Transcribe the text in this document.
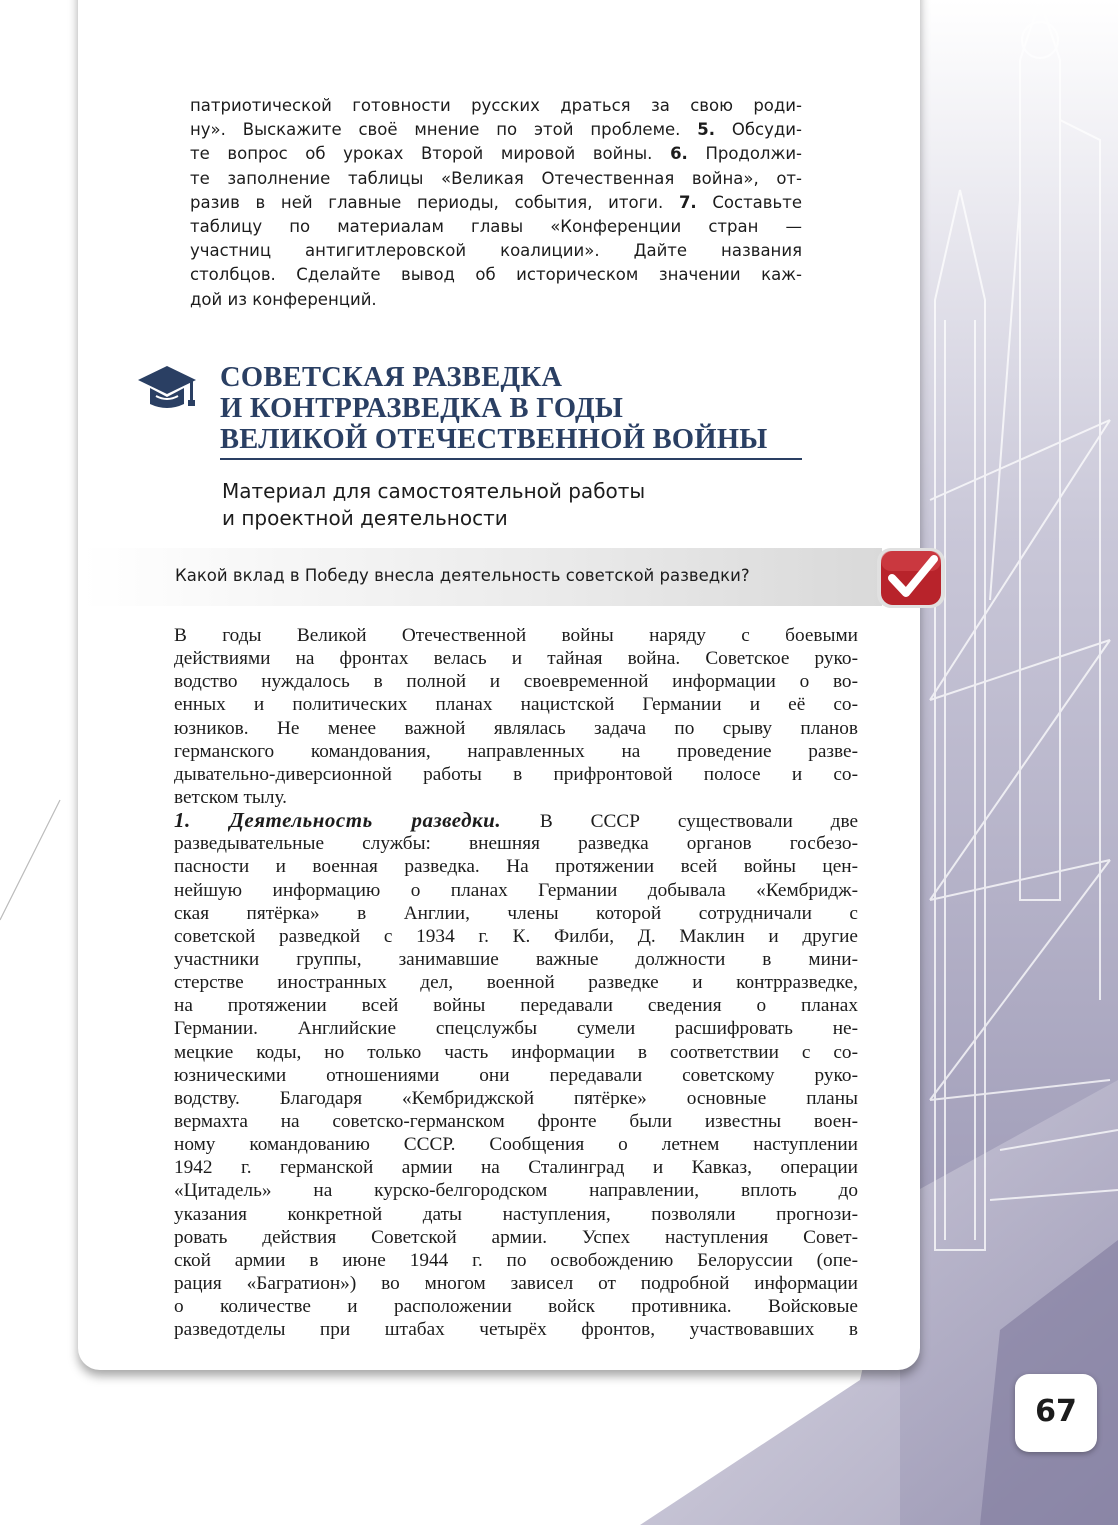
патриотической готовности русских драться за свою роди-
ну». Выскажите своё мнение по этой проблеме. 5. Обсуди-
те вопрос об уроках Второй мировой войны. 6. Продолжи-
те заполнение таблицы «Великая Отечественная война», от-
разив в ней главные периоды, события, итоги. 7. Составьте
таблицу по материалам главы «Конференции стран —
участниц антигитлеровской коалиции». Дайте названия
столбцов. Сделайте вывод об историческом значении каж-
дой из конференций.
СОВЕТСКАЯ РАЗВЕДКА
И КОНТРРАЗВЕДКА В ГОДЫ
ВЕЛИКОЙ ОТЕЧЕСТВЕННОЙ ВОЙНЫ
Материал для самостоятельной работы
и проектной деятельности
Какой вклад в Победу внесла деятельность советской разведки?
В годы Великой Отечественной войны наряду с боевыми
действиями на фронтах велась и тайная война. Советское руко-
водство нуждалось в полной и своевременной информации о во-
енных и политических планах нацистской Германии и её со-
юзников. Не менее важной являлась задача по срыву планов
германского командования, направленных на проведение разве-
дывательно-диверсионной работы в прифронтовой полосе и со-
ветском тылу.
1. Деятельность разведки. В СССР существовали две
разведывательные службы: внешняя разведка органов госбезо-
пасности и военная разведка. На протяжении всей войны цен-
нейшую информацию о планах Германии добывала «Кембридж-
ская пятёрка» в Англии, члены которой сотрудничали с
советской разведкой с 1934 г. К. Филби, Д. Маклин и другие
участники группы, занимавшие важные должности в мини-
стерстве иностранных дел, военной разведке и контрразведке,
на протяжении всей войны передавали сведения о планах
Германии. Английские спецслужбы сумели расшифровать не-
мецкие коды, но только часть информации в соответствии с со-
юзническими отношениями они передавали советскому руко-
водству. Благодаря «Кембриджской пятёрке» основные планы
вермахта на советско-германском фронте были известны воен-
ному командованию СССР. Сообщения о летнем наступлении
1942 г. германской армии на Сталинград и Кавказ, операции
«Цитадель» на курско-белгородском направлении, вплоть до
указания конкретной даты наступления, позволяли прогнози-
ровать действия Советской армии. Успех наступления Совет-
ской армии в июне 1944 г. по освобождению Белоруссии (опе-
рация «Багратион») во многом зависел от подробной информации
о количестве и расположении войск противника. Войсковые
разведотделы при штабах четырёх фронтов, участвовавших в
67
